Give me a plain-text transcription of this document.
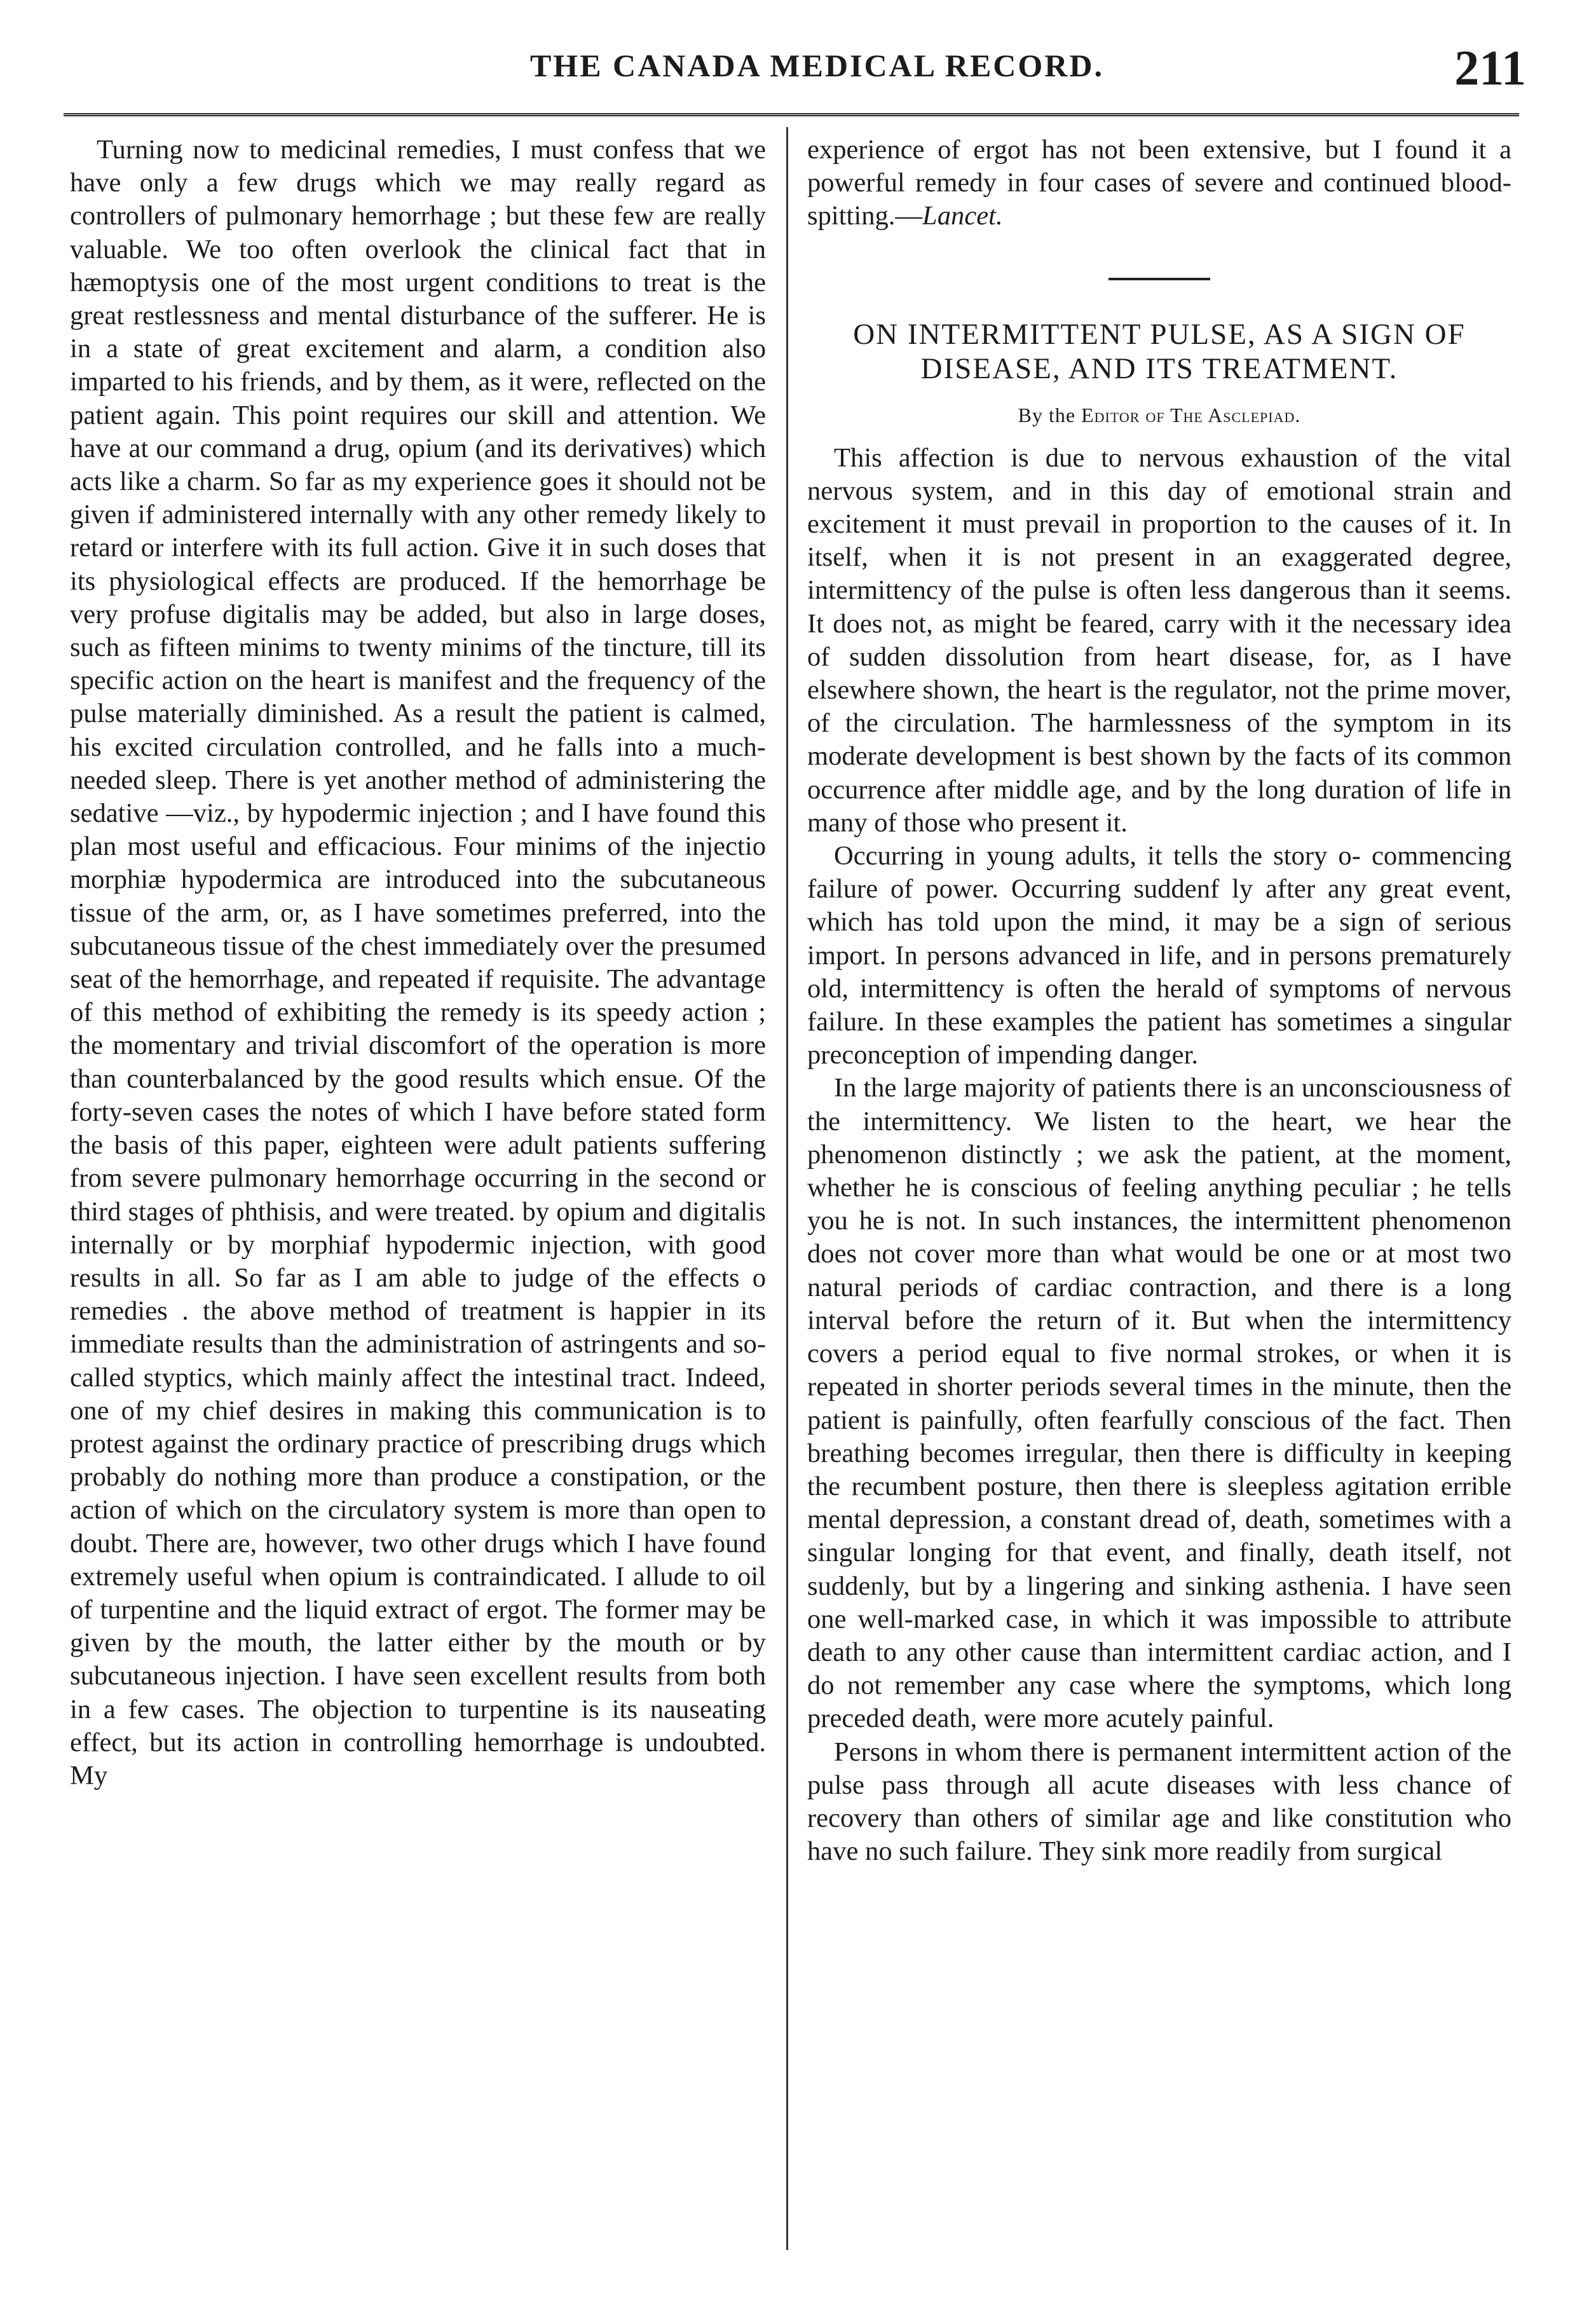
THE CANADA MEDICAL RECORD.	211

Turning now to medicinal remedies, I must confess that we have only a few drugs which we may really regard as controllers of pulmonary hemorrhage ; but these few are really valuable. We too often overlook the clinical fact that in hæmoptysis one of the most urgent conditions to treat is the great restlessness and mental disturbance of the sufferer. He is in a state of great excitement and alarm, a condition also imparted to his friends, and by them, as it were, reflected on the patient again. This point requires our skill and attention. We have at our command a drug, opium (and its derivatives) which acts like a charm. So far as my experience goes it should not be given if administered internally with any other remedy likely to retard or interfere with its full action. Give it in such doses that its physiological effects are produced. If the hemorrhage be very profuse digitalis may be added, but also in large doses, such as fifteen minims to twenty minims of the tincture, till its specific action on the heart is manifest and the frequency of the pulse materially diminished. As a result the patient is calmed, his excited circulation controlled, and he falls into a much-needed sleep. There is yet another method of administering the sedative —viz., by hypodermic injection ; and I have found this plan most useful and efficacious. Four minims of the injectio morphiæ hypodermica are introduced into the subcutaneous tissue of the arm, or, as I have sometimes preferred, into the subcutaneous tissue of the chest immediately over the presumed seat of the hemorrhage, and repeated if requisite. The advantage of this method of exhibiting the remedy is its speedy action ; the momentary and trivial discomfort of the operation is more than counterbalanced by the good results which ensue. Of the forty-seven cases the notes of which I have before stated form the basis of this paper, eighteen were adult patients suffering from severe pulmonary hemorrhage occurring in the second or third stages of phthisis, and were treated. by opium and digitalis internally or by morphiaf hypodermic injection, with good results in all. So far as I am able to judge of the effects o remedies . the above method of treatment is happier in its immediate results than the administration of astringents and so-called styptics, which mainly affect the intestinal tract. Indeed, one of my chief desires in making this communication is to protest against the ordinary practice of prescribing drugs which probably do nothing more than produce a constipation, or the action of which on the circulatory system is more than open to doubt. There are, however, two other drugs which I have found extremely useful when opium is contraindicated. I allude to oil of turpentine and the liquid extract of ergot. The former may be given by the mouth, the latter either by the mouth or by subcutaneous injection. I have seen excellent results from both in a few cases. The objection to turpentine is its nauseating effect, but its action in controlling hemorrhage is undoubted. My

experience of ergot has not been extensive, but I found it a powerful remedy in four cases of severe and continued blood-spitting.—Lancet.

ON INTERMITTENT PULSE, AS A SIGN OF DISEASE, AND ITS TREATMENT.
By the Editor of The Asclepiad.

This affection is due to nervous exhaustion of the vital nervous system, and in this day of emotional strain and excitement it must prevail in proportion to the causes of it. In itself, when it is not present in an exaggerated degree, intermittency of the pulse is often less dangerous than it seems. It does not, as might be feared, carry with it the necessary idea of sudden dissolution from heart disease, for, as I have elsewhere shown, the heart is the regulator, not the prime mover, of the circulation. The harmlessness of the symptom in its moderate development is best shown by the facts of its common occurrence after middle age, and by the long duration of life in many of those who present it.

Occurring in young adults, it tells the story o- commencing failure of power. Occurring suddenf ly after any great event, which has told upon the mind, it may be a sign of serious import. In persons advanced in life, and in persons prematurely old, intermittency is often the herald of symptoms of nervous failure. In these examples the patient has sometimes a singular preconception of impending danger.

In the large majority of patients there is an unconsciousness of the intermittency. We listen to the heart, we hear the phenomenon distinctly ; we ask the patient, at the moment, whether he is conscious of feeling anything peculiar ; he tells you he is not. In such instances, the intermittent phenomenon does not cover more than what would be one or at most two natural periods of cardiac contraction, and there is a long interval before the return of it. But when the intermittency covers a period equal to five normal strokes, or when it is repeated in shorter periods several times in the minute, then the patient is painfully, often fearfully conscious of the fact. Then breathing becomes irregular, then there is difficulty in keeping the recumbent posture, then there is sleepless agitation errible mental depression, a constant dread of, death, sometimes with a singular longing for that event, and finally, death itself, not suddenly, but by a lingering and sinking asthenia. I have seen one well-marked case, in which it was impossible to attribute death to any other cause than intermittent cardiac action, and I do not remember any case where the symptoms, which long preceded death, were more acutely painful.

Persons in whom there is permanent intermittent action of the pulse pass through all acute diseases with less chance of recovery than others of similar age and like constitution who have no such failure. They sink more readily from surgical
